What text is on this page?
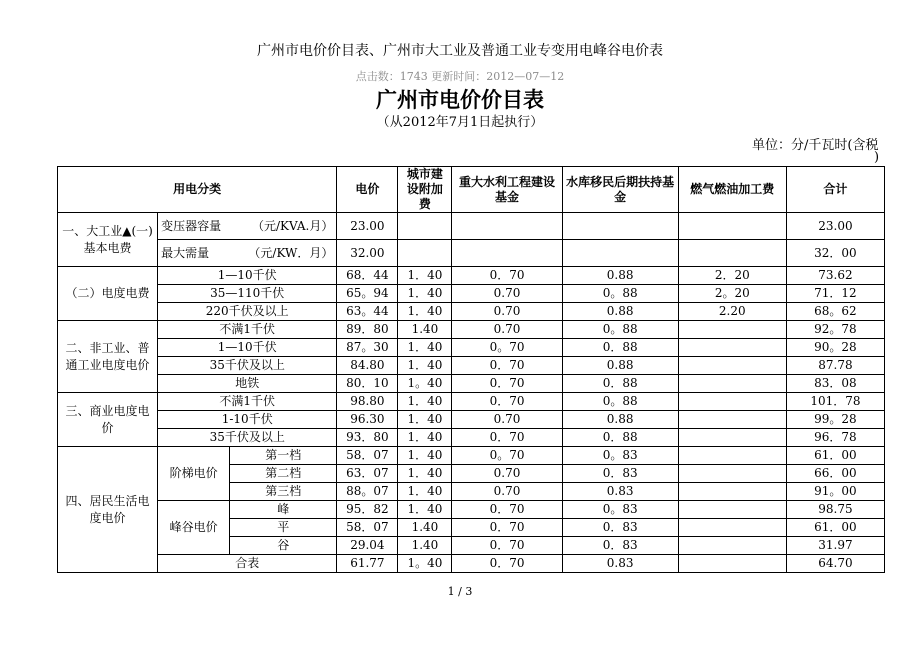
广州市电价价目表、广州市大工业及普通工业专变用电峰谷电价表
点击数：1743 更新时间：2012—07—12
广州市电价价目表
（从2012年7月1日起执行）
单位：分/千瓦时(含税
)
用电分类			电价	城市建设附加费	重大水利工程建设基金	水库移民后期扶持基金	燃气燃油加工费	合计
一、大工业▲(一)基本电费	变压器容量 （元/KVA.月）		23.00					23.00
	最大需量 （元/KW．月）		32.00					32．00
（二）电度电费	1—10千伏		68．44	1．40	0．70	0.88	2．20	73.62
	35—110千伏		65。94	1．40	0.70	0。88	2。20	71．12
	220千伏及以上		63。44	1．40	0.70	0.88	2.20	68。62
二、非工业、普通工业电度电价	不满1千伏		89．80	1.40	0.70	0。88		92。78
	1—10千伏		87。30	1．40	0。70	0．88		90。28
	35千伏及以上		84.80	1．40	0．70	0.88		87.78
	地铁		80．10	1。40	0．70	0．88		83．08
三、商业电度电价	不满1千伏		98.80	1．40	0．70	0。88		101．78
	1-10千伏		96.30	1．40	0.70	0.88		99。28
	35千伏及以上		93．80	1．40	0．70	0．88		96．78
四、居民生活电度电价	阶梯电价	第一档	58．07	1．40	0。70	0。83		61．00
		第二档	63．07	1．40	0.70	0．83		66．00
		第三档	88。07	1．40	0.70	0.83		91。00
	峰谷电价	峰	95．82	1．40	0．70	0。83		98.75
		平	58．07	1.40	0．70	0．83		61．00
		谷	29.04	1.40	0．70	0．83		31.97
	合表		61.77	1。40	0．70	0.83		64.70
1 / 3
